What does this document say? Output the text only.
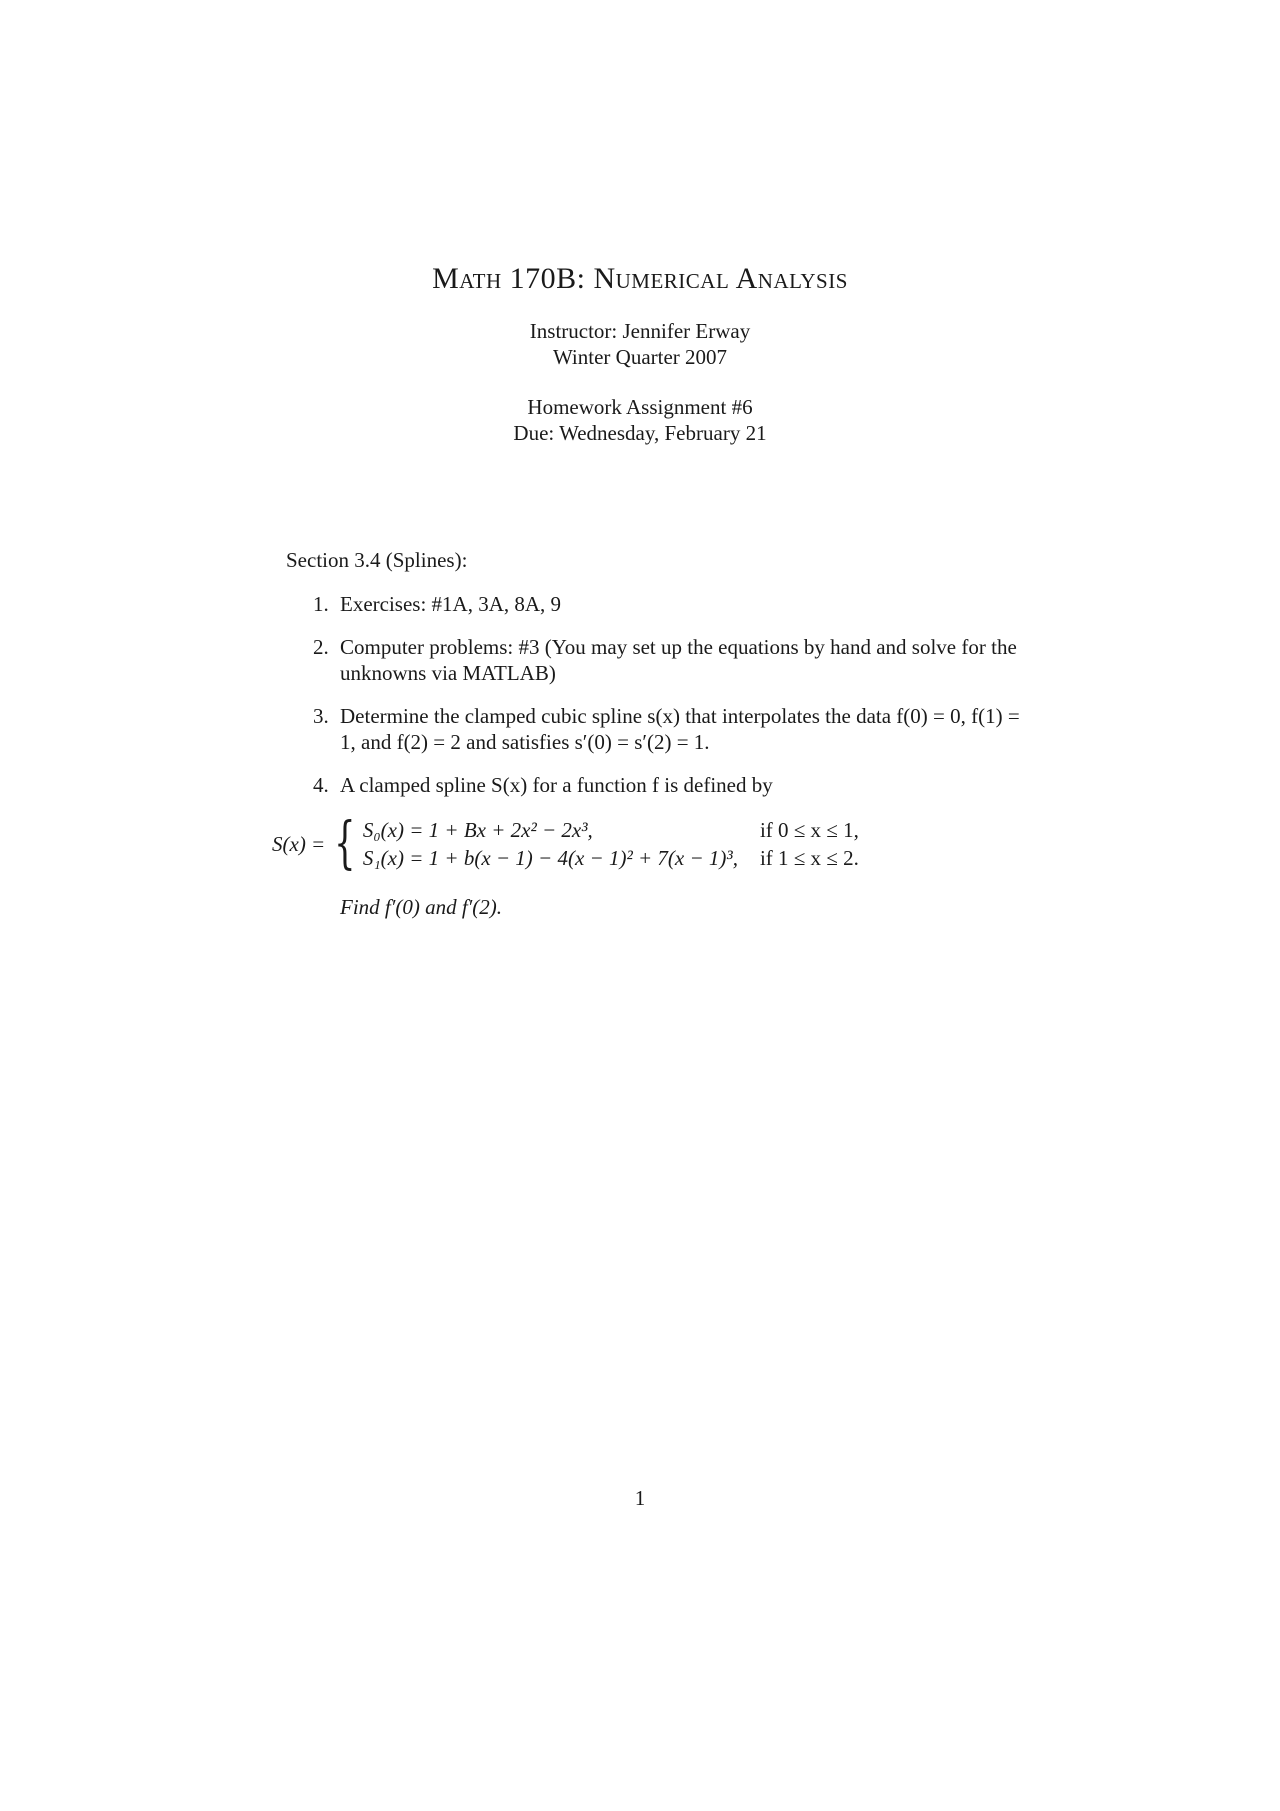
Math 170B: Numerical Analysis
Instructor: Jennifer Erway
Winter Quarter 2007
Homework Assignment #6
Due: Wednesday, February 21

Section 3.4 (Splines):

1. Exercises: #1A, 3A, 8A, 9
2. Computer problems: #3 (You may set up the equations by hand and solve for the unknowns via MATLAB)
3. Determine the clamped cubic spline s(x) that interpolates the data f(0) = 0, f(1) = 1, and f(2) = 2 and satisfies s′(0) = s′(2) = 1.
4. A clamped spline S(x) for a function f is defined by
S(x) = { S₀(x) = 1 + Bx + 2x² − 2x³,	if 0 ≤ x ≤ 1,
S₁(x) = 1 + b(x − 1) − 4(x − 1)² + 7(x − 1)³, if 1 ≤ x ≤ 2.
Find f′(0) and f′(2).
1
